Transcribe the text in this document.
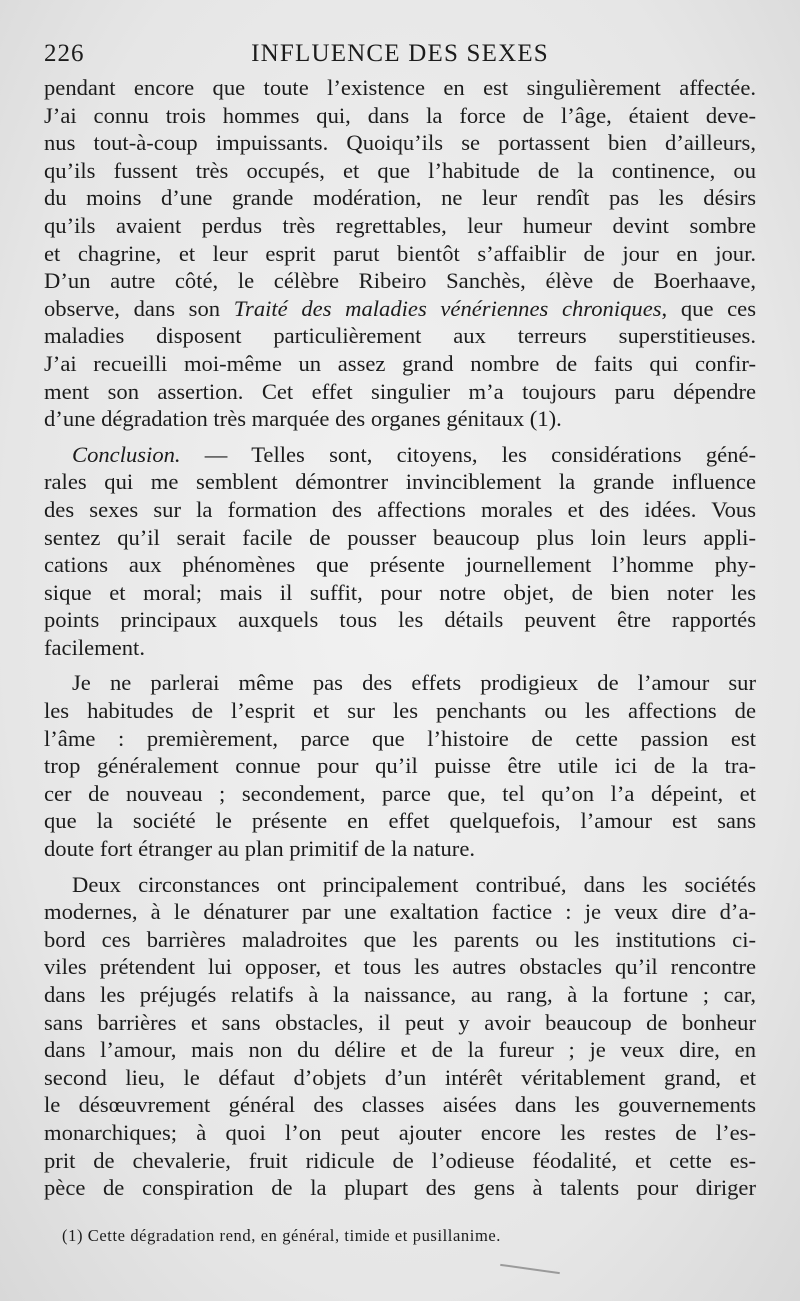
226	INFLUENCE DES SEXES

pendant encore que toute l’existence en est singulièrement affectée.
J’ai connu trois hommes qui, dans la force de l’âge, étaient deve-
nus tout-à-coup impuissants. Quoiqu’ils se portassent bien d’ailleurs,
qu’ils fussent très occupés, et que l’habitude de la continence, ou
du moins d’une grande modération, ne leur rendît pas les désirs
qu’ils avaient perdus très regrettables, leur humeur devint sombre
et chagrine, et leur esprit parut bientôt s’affaiblir de jour en jour.
D’un autre côté, le célèbre Ribeiro Sanchès, élève de Boerhaave,
observe, dans son Traité des maladies vénériennes chroniques, que ces
maladies disposent particulièrement aux terreurs superstitieuses.
J’ai recueilli moi-même un assez grand nombre de faits qui confir-
ment son assertion. Cet effet singulier m’a toujours paru dépendre
d’une dégradation très marquée des organes génitaux (1).

Conclusion. — Telles sont, citoyens, les considérations géné-
rales qui me semblent démontrer invinciblement la grande influence
des sexes sur la formation des affections morales et des idées. Vous
sentez qu’il serait facile de pousser beaucoup plus loin leurs appli-
cations aux phénomènes que présente journellement l’homme phy-
sique et moral; mais il suffit, pour notre objet, de bien noter les
points principaux auxquels tous les détails peuvent être rapportés
facilement.

Je ne parlerai même pas des effets prodigieux de l’amour sur
les habitudes de l’esprit et sur les penchants ou les affections de
l’âme : premièrement, parce que l’histoire de cette passion est
trop généralement connue pour qu’il puisse être utile ici de la tra-
cer de nouveau ; secondement, parce que, tel qu’on l’a dépeint, et
que la société le présente en effet quelquefois, l’amour est sans
doute fort étranger au plan primitif de la nature.

Deux circonstances ont principalement contribué, dans les sociétés
modernes, à le dénaturer par une exaltation factice : je veux dire d’a-
bord ces barrières maladroites que les parents ou les institutions ci-
viles prétendent lui opposer, et tous les autres obstacles qu’il rencontre
dans les préjugés relatifs à la naissance, au rang, à la fortune ; car,
sans barrières et sans obstacles, il peut y avoir beaucoup de bonheur
dans l’amour, mais non du délire et de la fureur ; je veux dire, en
second lieu, le défaut d’objets d’un intérêt véritablement grand, et
le désœuvrement général des classes aisées dans les gouvernements
monarchiques; à quoi l’on peut ajouter encore les restes de l’es-
prit de chevalerie, fruit ridicule de l’odieuse féodalité, et cette es-
pèce de conspiration de la plupart des gens à talents pour diriger

(1) Cette dégradation rend, en général, timide et pusillanime.
